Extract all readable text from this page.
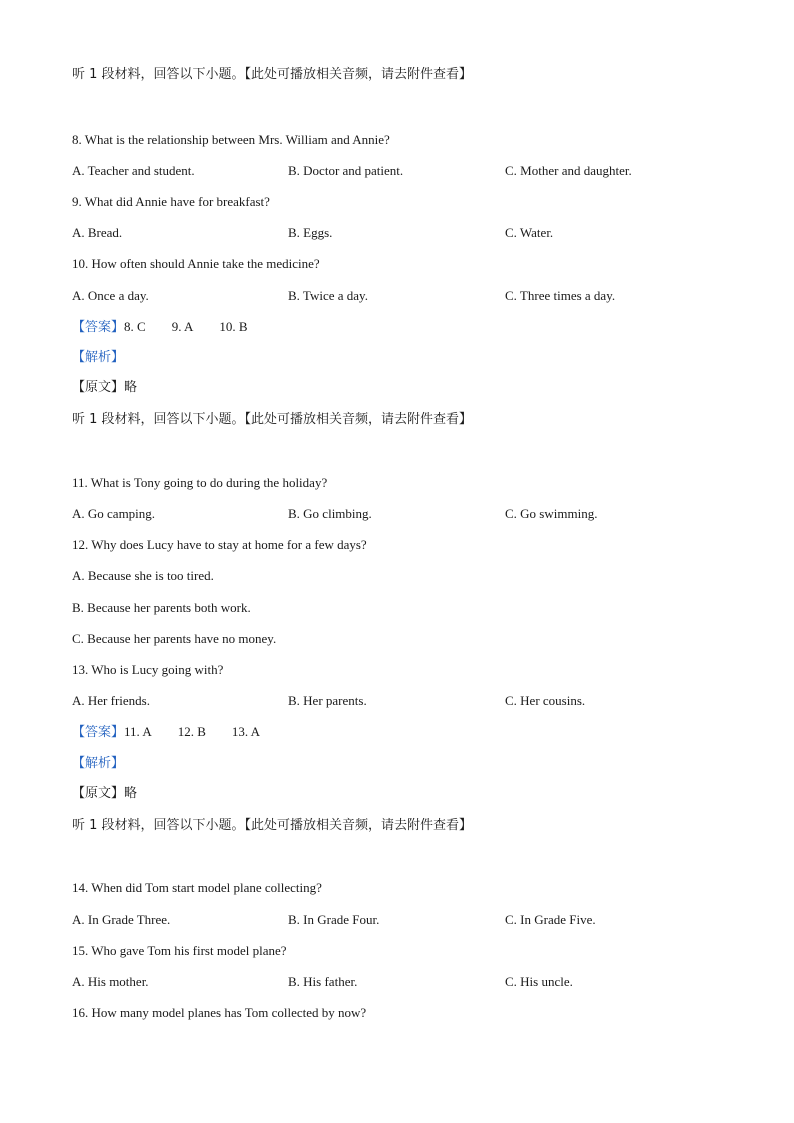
听 1 段材料，回答以下小题。【此处可播放相关音频，请去附件查看】
8. What is the relationship between Mrs. William and Annie?
A. Teacher and student.	B. Doctor and patient.	C. Mother and daughter.
9. What did Annie have for breakfast?
A. Bread.	B. Eggs.	C. Water.
10. How often should Annie take the medicine?
A. Once a day.	B. Twice a day.	C. Three times a day.
【答案】8. C 9. A 10. B
【解析】
【原文】略
听 1 段材料，回答以下小题。【此处可播放相关音频，请去附件查看】
11. What is Tony going to do during the holiday?
A. Go camping.	B. Go climbing.	C. Go swimming.
12. Why does Lucy have to stay at home for a few days?
A. Because she is too tired.
B. Because her parents both work.
C. Because her parents have no money.
13. Who is Lucy going with?
A. Her friends.	B. Her parents.	C. Her cousins.
【答案】11. A 12. B 13. A
【解析】
【原文】略
听 1 段材料，回答以下小题。【此处可播放相关音频，请去附件查看】
14. When did Tom start model plane collecting?
A. In Grade Three.	B. In Grade Four.	C. In Grade Five.
15. Who gave Tom his first model plane?
A. His mother.	B. His father.	C. His uncle.
16. How many model planes has Tom collected by now?
